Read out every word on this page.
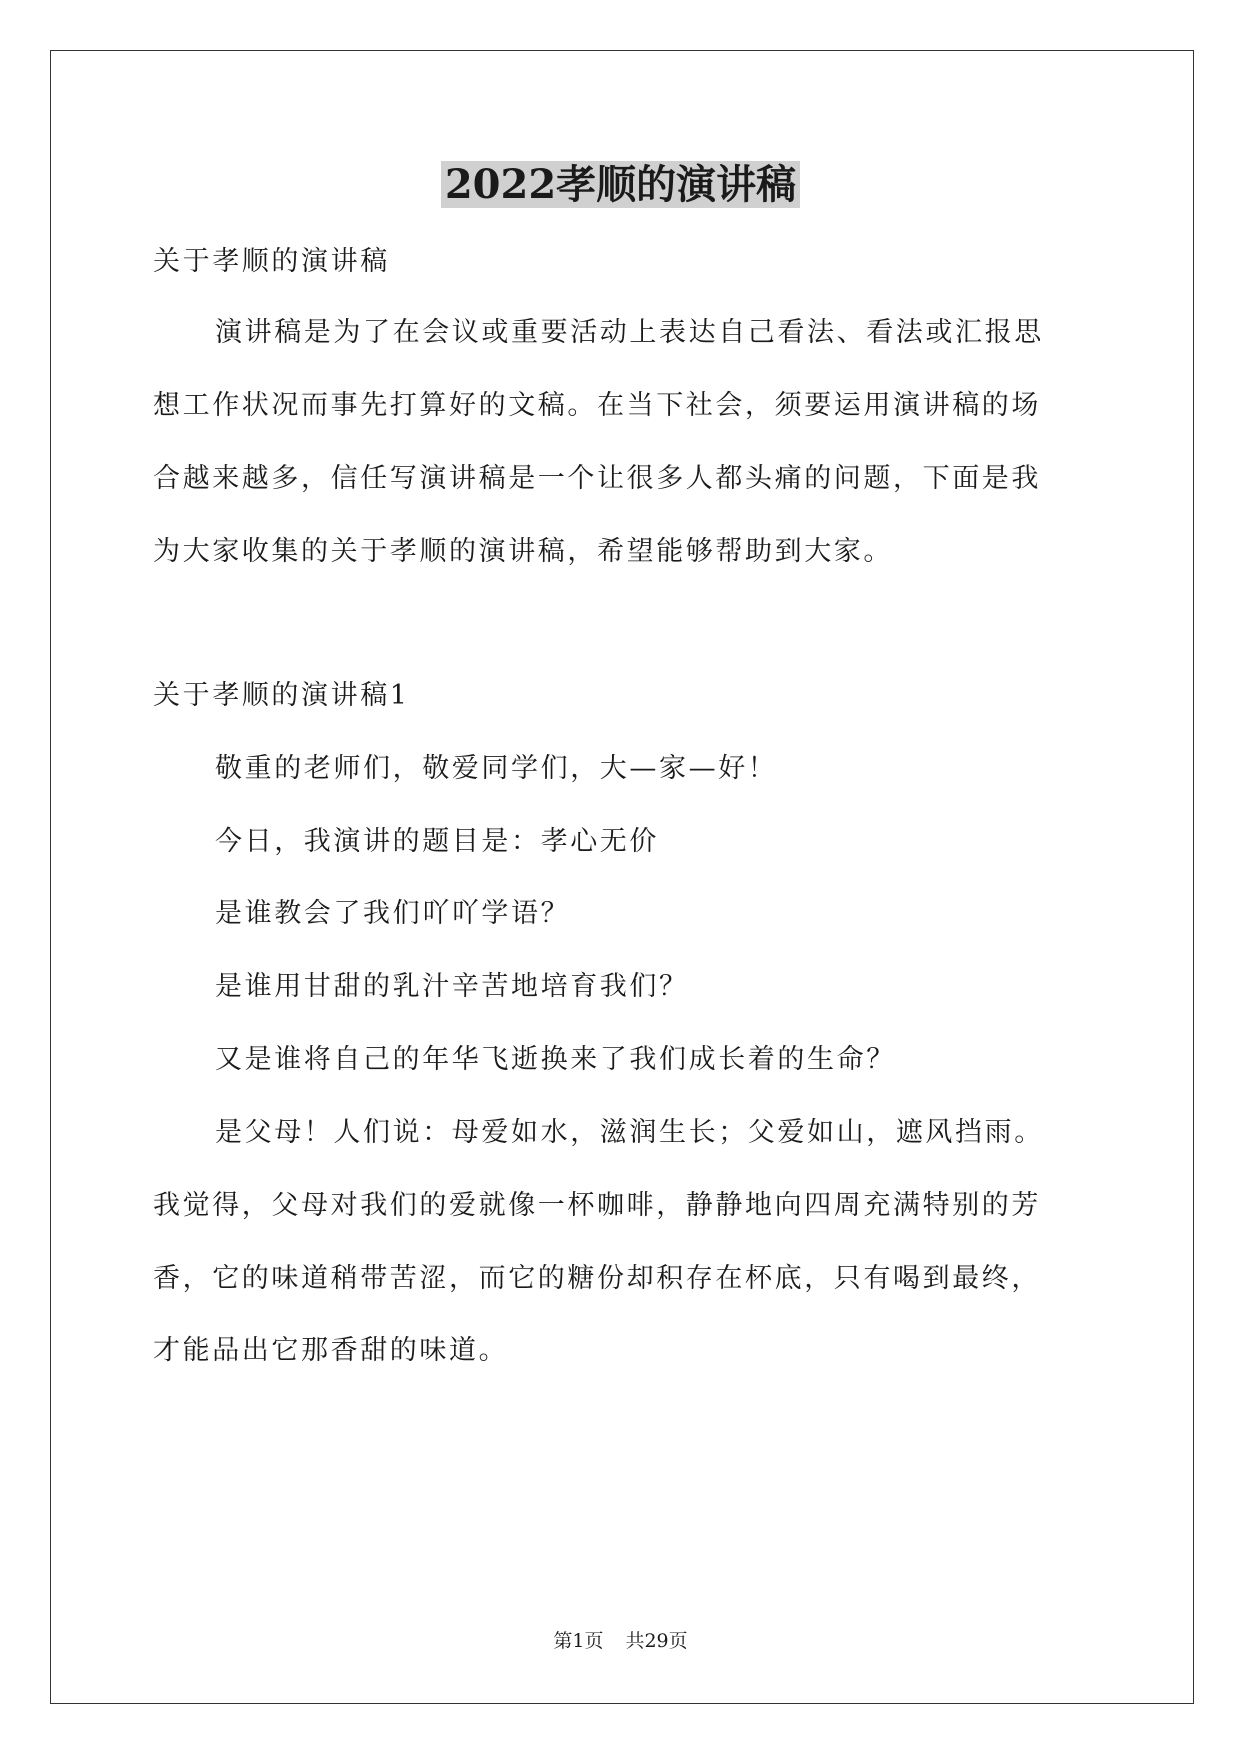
2022孝顺的演讲稿
关于孝顺的演讲稿
演讲稿是为了在会议或重要活动上表达自己看法、看法或汇报思
想工作状况而事先打算好的文稿。在当下社会，须要运用演讲稿的场
合越来越多，信任写演讲稿是一个让很多人都头痛的问题，下面是我
为大家收集的关于孝顺的演讲稿，希望能够帮助到大家。
关于孝顺的演讲稿1
敬重的老师们，敬爱同学们，大—家—好！
今日，我演讲的题目是：孝心无价
是谁教会了我们吖吖学语？
是谁用甘甜的乳汁辛苦地培育我们？
又是谁将自己的年华飞逝换来了我们成长着的生命？
是父母！人们说：母爱如水，滋润生长；父爱如山，遮风挡雨。
我觉得，父母对我们的爱就像一杯咖啡，静静地向四周充满特别的芳
香，它的味道稍带苦涩，而它的糖份却积存在杯底，只有喝到最终，
才能品出它那香甜的味道。
第1页 共29页
